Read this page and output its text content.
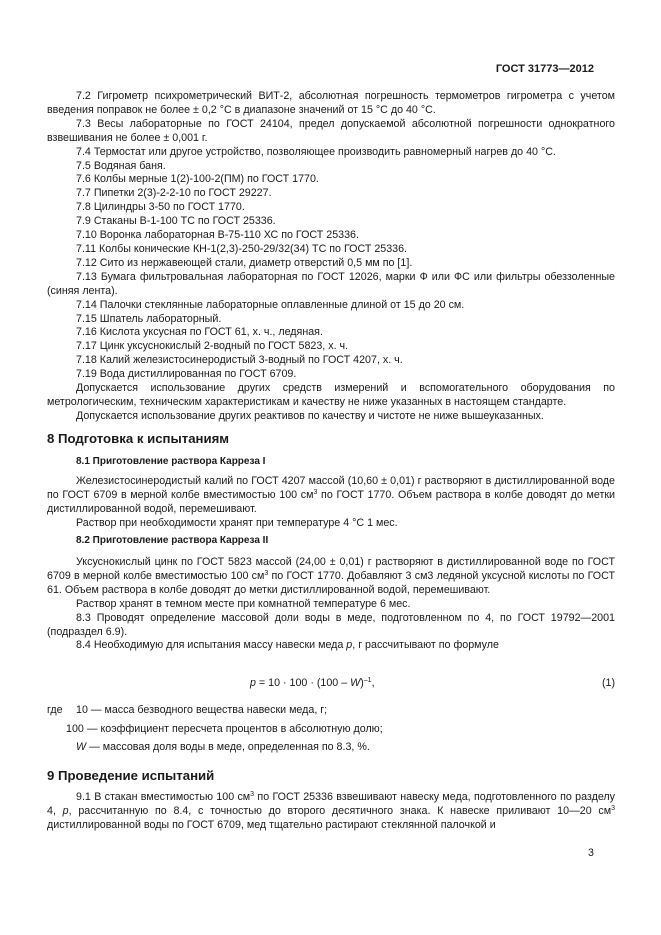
ГОСТ 31773—2012

7.2 Гигрометр психрометрический ВИТ-2, абсолютная погрешность термометров гигрометра с учетом введения поправок не более ± 0,2 °С в диапазоне значений от 15 °С до 40 °С.

7.3 Весы лабораторные по ГОСТ 24104, предел допускаемой абсолютной погрешности однократного взвешивания не более ± 0,001 г.

7.4 Термостат или другое устройство, позволяющее производить равномерный нагрев до 40 °С.

7.5 Водяная баня.

7.6 Колбы мерные 1(2)-100-2(ПМ) по ГОСТ 1770.

7.7 Пипетки 2(3)-2-2-10 по ГОСТ 29227.

7.8 Цилиндры 3-50 по ГОСТ 1770.

7.9 Стаканы В-1-100 ТС по ГОСТ 25336.

7.10 Воронка лабораторная В-75-110 ХС по ГОСТ 25336.

7.11 Колбы конические КН-1(2,3)-250-29/32(34) ТС по ГОСТ 25336.

7.12 Сито из нержавеющей стали, диаметр отверстий 0,5 мм по [1].

7.13 Бумага фильтровальная лабораторная по ГОСТ 12026, марки Ф или ФС или фильтры обеззоленные (синяя лента).

7.14 Палочки стеклянные лабораторные оплавленные длиной от 15 до 20 см.

7.15 Шпатель лабораторный.

7.16 Кислота уксусная по ГОСТ 61, х. ч., ледяная.

7.17 Цинк уксуснокислый 2-водный по ГОСТ 5823, х. ч.

7.18 Калий железистосинеродистый 3-водный по ГОСТ 4207, х. ч.

7.19 Вода дистиллированная по ГОСТ 6709.

Допускается использование других средств измерений и вспомогательного оборудования по метрологическим, техническим характеристикам и качеству не ниже указанных в настоящем стандарте.

Допускается использование других реактивов по качеству и чистоте не ниже вышеуказанных.

8 Подготовка к испытаниям
8.1 Приготовление раствора Карреза I

Железистосинеродистый калий по ГОСТ 4207 массой (10,60 ± 0,01) г растворяют в дистиллированной воде по ГОСТ 6709 в мерной колбе вместимостью 100 $см^3$ по ГОСТ 1770. Объем раствора в колбе доводят до метки дистиллированной водой, перемешивают.

Раствор при необходимости хранят при температуре 4 °С 1 мес.

8.2 Приготовление раствора Карреза II

Уксуснокислый цинк по ГОСТ 5823 массой (24,00 ± 0,01) г растворяют в дистиллированной воде по ГОСТ 6709 в мерной колбе вместимостью 100 $см^3$ по ГОСТ 1770. Добавляют 3 см3 ледяной уксусной кислоты по ГОСТ 61. Объем раствора в колбе доводят до метки дистиллированной водой, перемешивают.

Раствор хранят в темном месте при комнатной температуре 6 мес.

8.3 Проводят определение массовой доли воды в меде, подготовленном по 4, по ГОСТ 19792—2001 (подраздел 6.9).

8.4 Необходимую для испытания массу навески меда p, г рассчитывают по формуле

p = 10 · 100 · (100 – W)$^{-1}$,	(1)
где 10 — масса безводного вещества навески меда, г;
100 — коэффициент пересчета процентов в абсолютную долю;
W — массовая доля воды в меде, определенная по 8.3, %.
9 Проведение испытаний

9.1 В стакан вместимостью 100 $см^3$ по ГОСТ 25336 взвешивают навеску меда, подготовленного по разделу 4, p, рассчитанную по 8.4, с точностью до второго десятичного знака. К навеске приливают 10—20 $см^3$ дистиллированной воды по ГОСТ 6709, мед тщательно растирают стеклянной палочкой и

3
